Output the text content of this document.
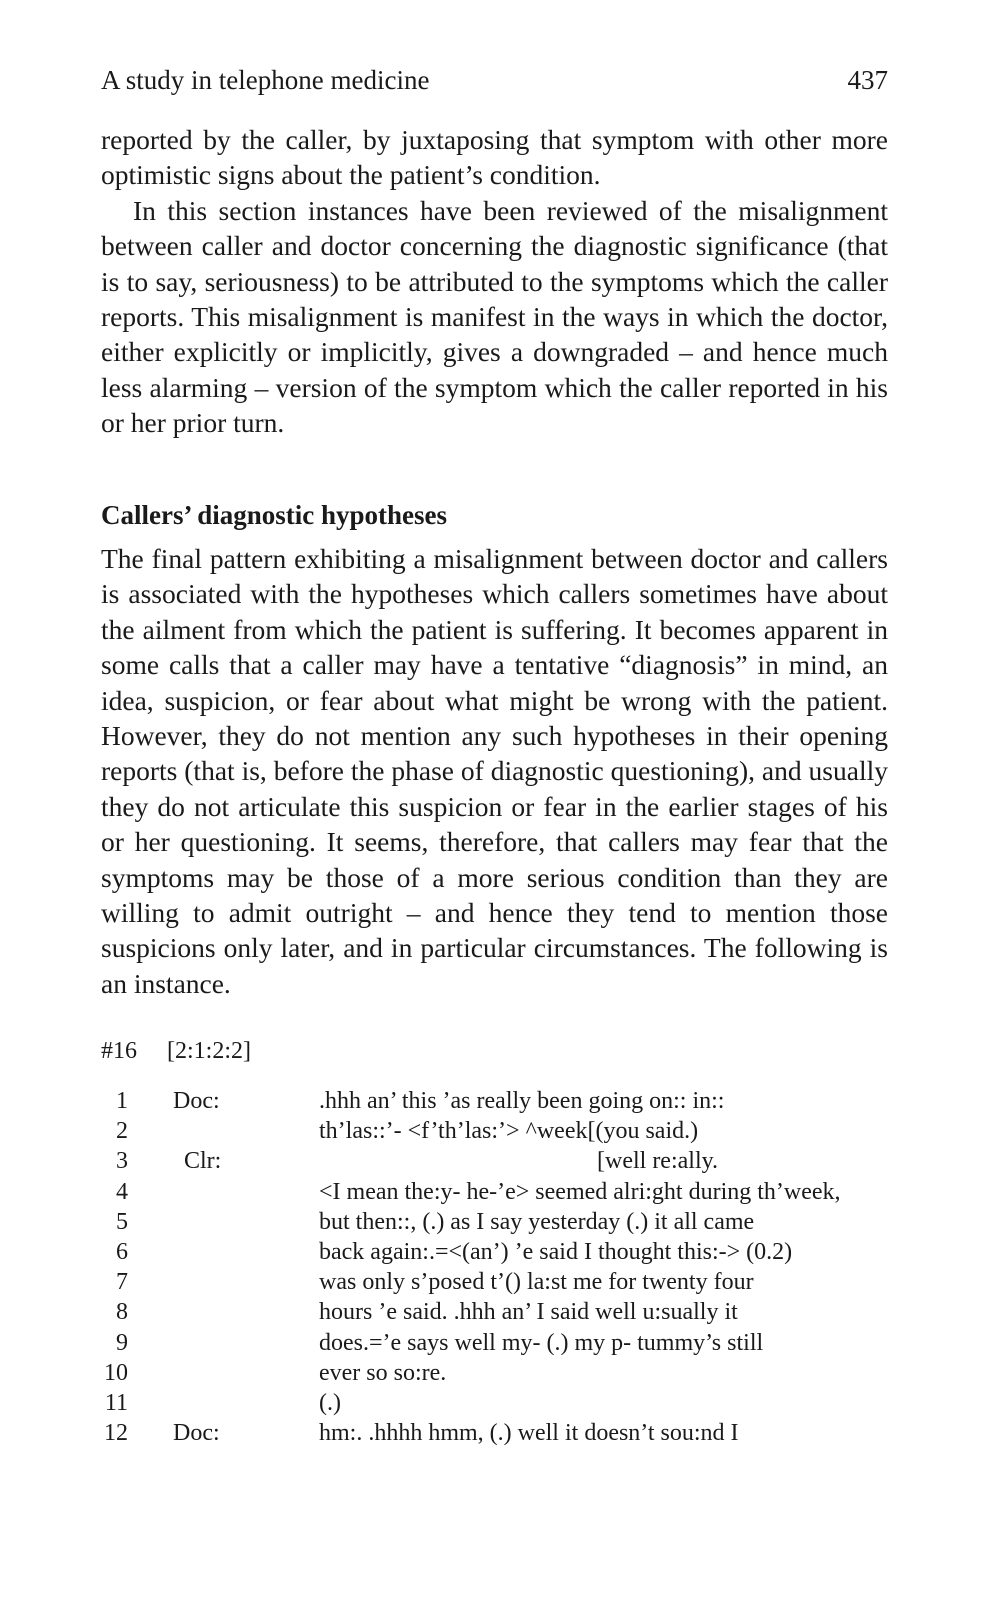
A study in telephone medicine	437

reported by the caller, by juxtaposing that symptom with other more optimistic signs about the patient’s condition.

In this section instances have been reviewed of the misalignment between caller and doctor concerning the diagnostic significance (that is to say, seriousness) to be attributed to the symptoms which the caller reports. This misalignment is manifest in the ways in which the doctor, either explicitly or implicitly, gives a downgraded – and hence much less alarming – version of the symptom which the caller reported in his or her prior turn.

Callers’ diagnostic hypotheses

The final pattern exhibiting a misalignment between doctor and callers is associated with the hypotheses which callers sometimes have about the ailment from which the patient is suffering. It becomes apparent in some calls that a caller may have a tentative “diagnosis” in mind, an idea, suspicion, or fear about what might be wrong with the patient. However, they do not mention any such hypotheses in their opening reports (that is, before the phase of diagnostic questioning), and usually they do not articulate this suspicion or fear in the earlier stages of his or her questioning. It seems, therefore, that callers may fear that the symptoms may be those of a more serious condition than they are willing to admit outright – and hence they tend to mention those suspicions only later, and in particular circumstances. The following is an instance.

#16 [2:1:2:2]
1 Doc:	.hhh an’ this ’as really been going on:: in::
2	th’las::’- <f’th’las:’> ^week[(you said.)
3 Clr:	[well re:ally.
4	<I mean the:y- he-’e> seemed alri:ght during th’week,
5	but then::, (.) as I say yesterday (.) it all came
6	back again:.=<(an’) ’e said I thought this:-> (0.2)
7	was only s’posed t’() la:st me for twenty four
8	hours ’e said. .hhh an’ I said well u:sually it
9	does.=’e says well my- (.) my p- tummy’s still
10	ever so so:re.
11	(.)
12 Doc:	hm:. .hhhh hmm, (.) well it doesn’t sou:nd I
